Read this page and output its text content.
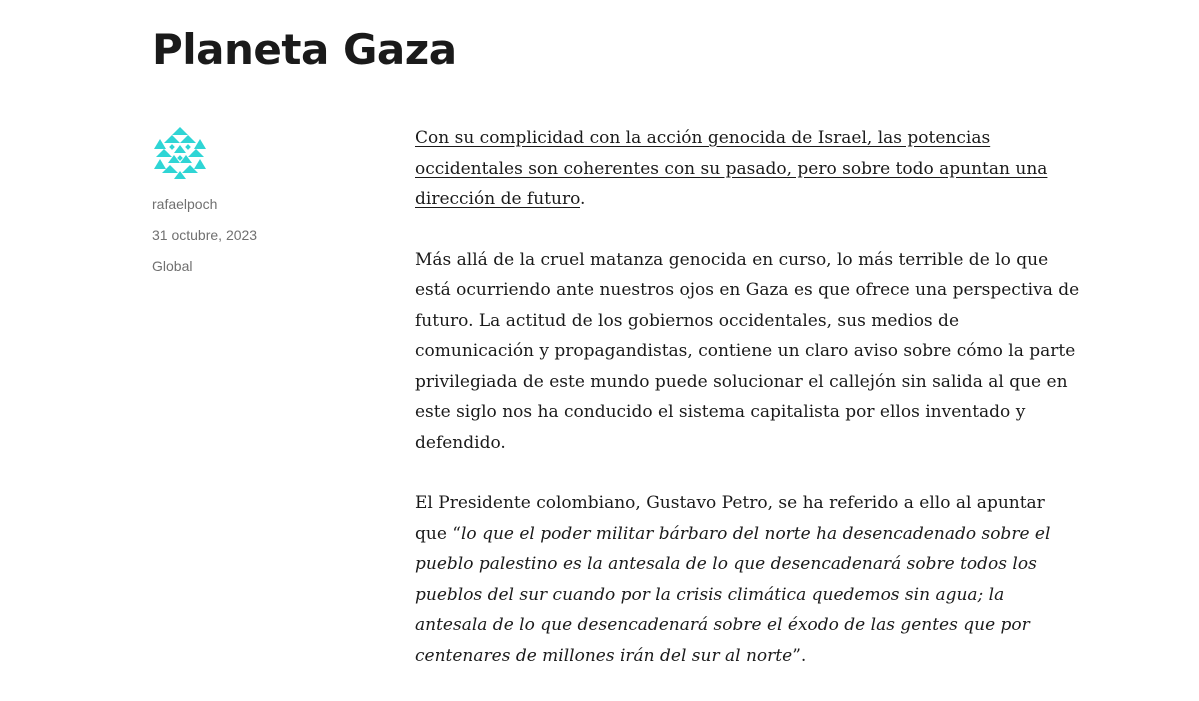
Planeta Gaza
rafaelpoch
31 octubre, 2023
Global

Con su complicidad con la acción genocida de Israel, las potencias occidentales son coherentes con su pasado, pero sobre todo apuntan una dirección de futuro.

Más allá de la cruel matanza genocida en curso, lo más terrible de lo que está ocurriendo ante nuestros ojos en Gaza es que ofrece una perspectiva de futuro. La actitud de los gobiernos occidentales, sus medios de comunicación y propagandistas, contiene un claro aviso sobre cómo la parte privilegiada de este mundo puede solucionar el callejón sin salida al que en este siglo nos ha conducido el sistema capitalista por ellos inventado y defendido.

El Presidente colombiano, Gustavo Petro, se ha referido a ello al apuntar que “lo que el poder militar bárbaro del norte ha desencadenado sobre el pueblo palestino es la antesala de lo que desencadenará sobre todos los pueblos del sur cuando por la crisis climática quedemos sin agua; la antesala de lo que desencadenará sobre el éxodo de las gentes que por centenares de millones irán del sur al norte”.
